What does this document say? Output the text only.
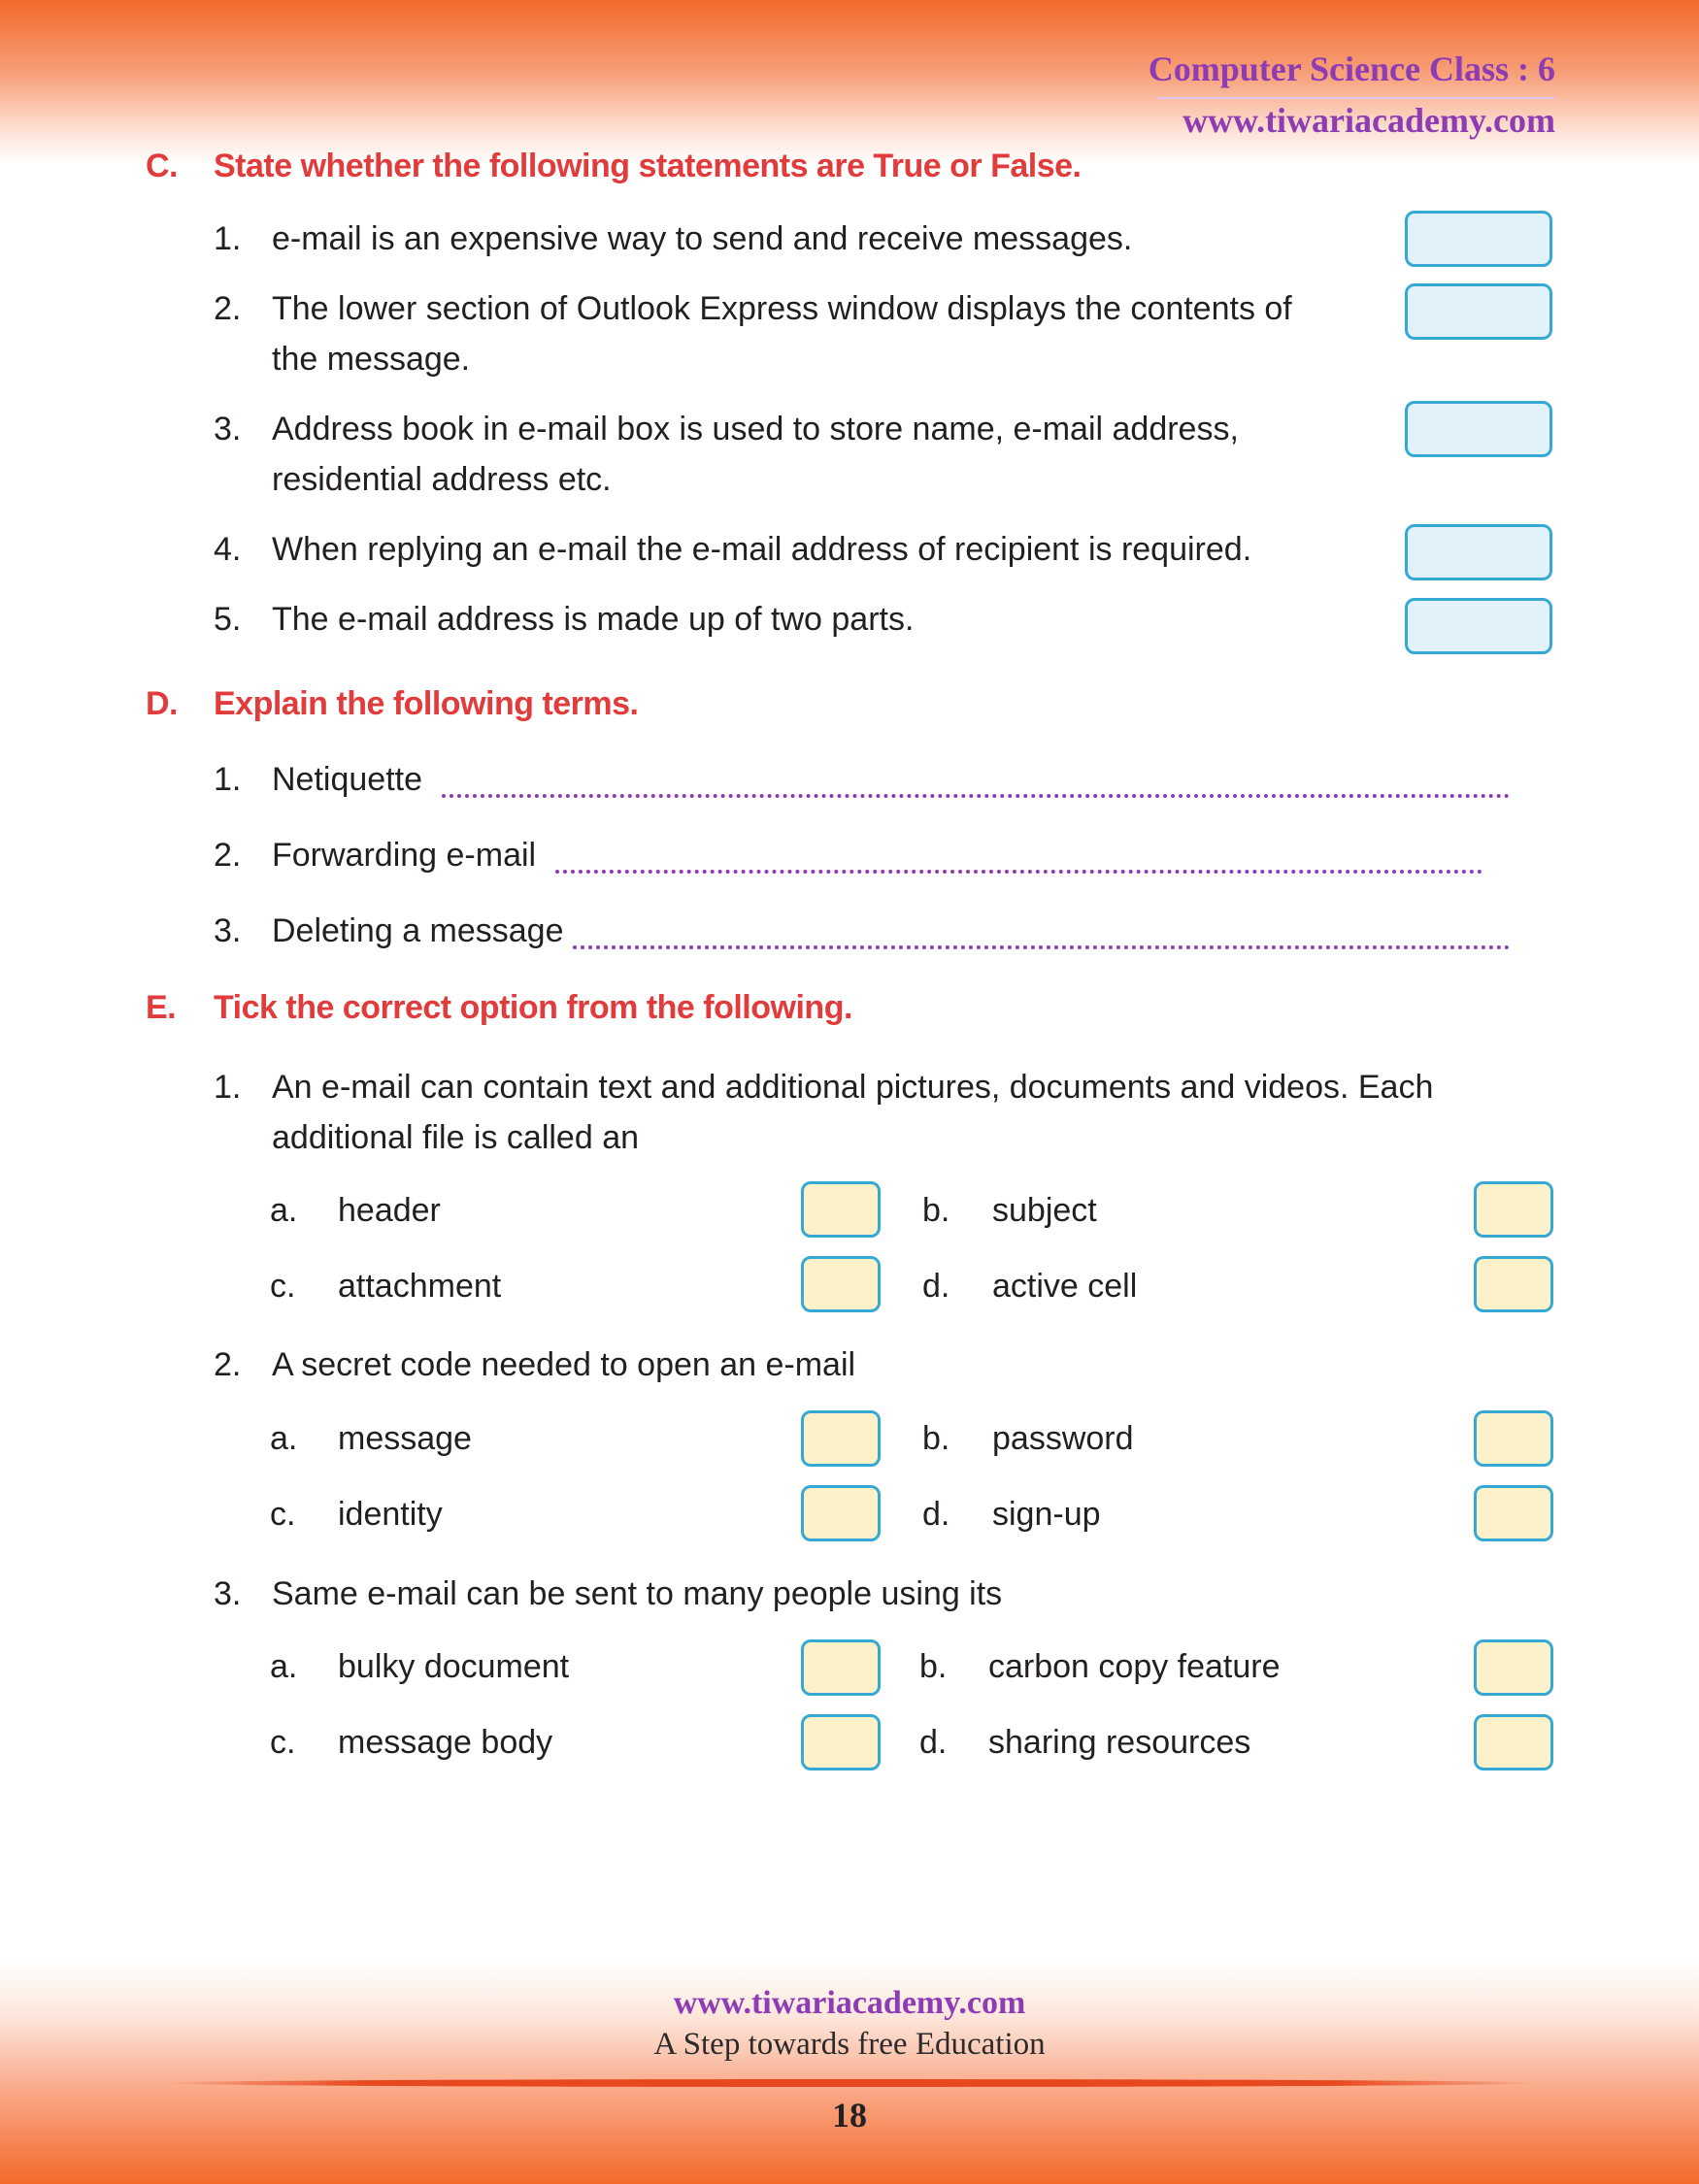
Computer Science Class : 6
www.tiwariacademy.com
C. State whether the following statements are True or False.
1. e-mail is an expensive way to send and receive messages.
2. The lower section of Outlook Express window displays the contents of
the message.
3. Address book in e-mail box is used to store name, e-mail address,
residential address etc.
4. When replying an e-mail the e-mail address of recipient is required.
5. The e-mail address is made up of two parts.
D. Explain the following terms.
1. Netiquette
2. Forwarding e-mail
3. Deleting a message
E. Tick the correct option from the following.
1. An e-mail can contain text and additional pictures, documents and videos. Each
additional file is called an
a. header	b. subject
c. attachment	d. active cell
2. A secret code needed to open an e-mail
a. message	b. password
c. identity	d. sign-up
3. Same e-mail can be sent to many people using its
a. bulky document	b. carbon copy feature
c. message body	d. sharing resources
www.tiwariacademy.com
A Step towards free Education
18
